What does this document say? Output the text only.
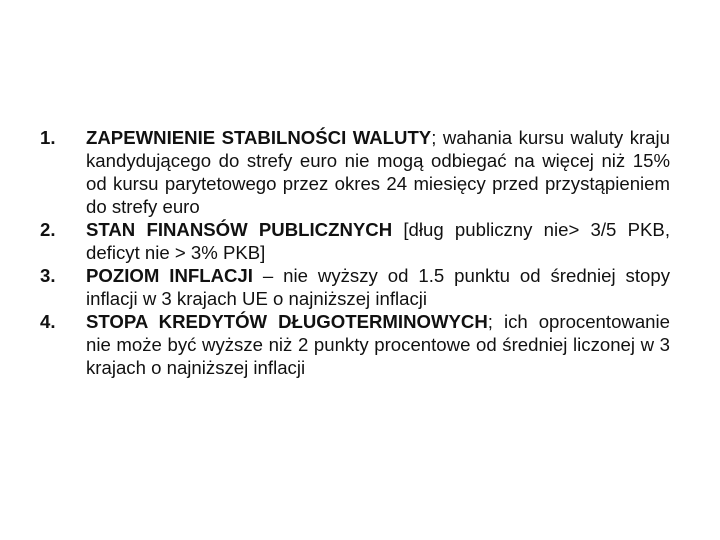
1.	ZAPEWNIENIE STABILNOŚCI WALUTY; wahania kursu waluty kraju kandydującego do strefy euro nie mogą odbiegać na więcej niż 15% od kursu parytetowego przez okres 24 miesięcy przed przystąpieniem do strefy euro
2.	STAN FINANSÓW PUBLICZNYCH [dług publiczny nie> 3/5 PKB, deficyt nie > 3% PKB]
3.	POZIOM INFLACJI – nie wyższy od 1.5 punktu od średniej stopy inflacji w 3 krajach UE o najniższej inflacji
4.	STOPA KREDYTÓW DŁUGOTERMINOWYCH; ich oprocentowanie nie może być wyższe niż 2 punkty procentowe od średniej liczonej w 3 krajach o najniższej inflacji
